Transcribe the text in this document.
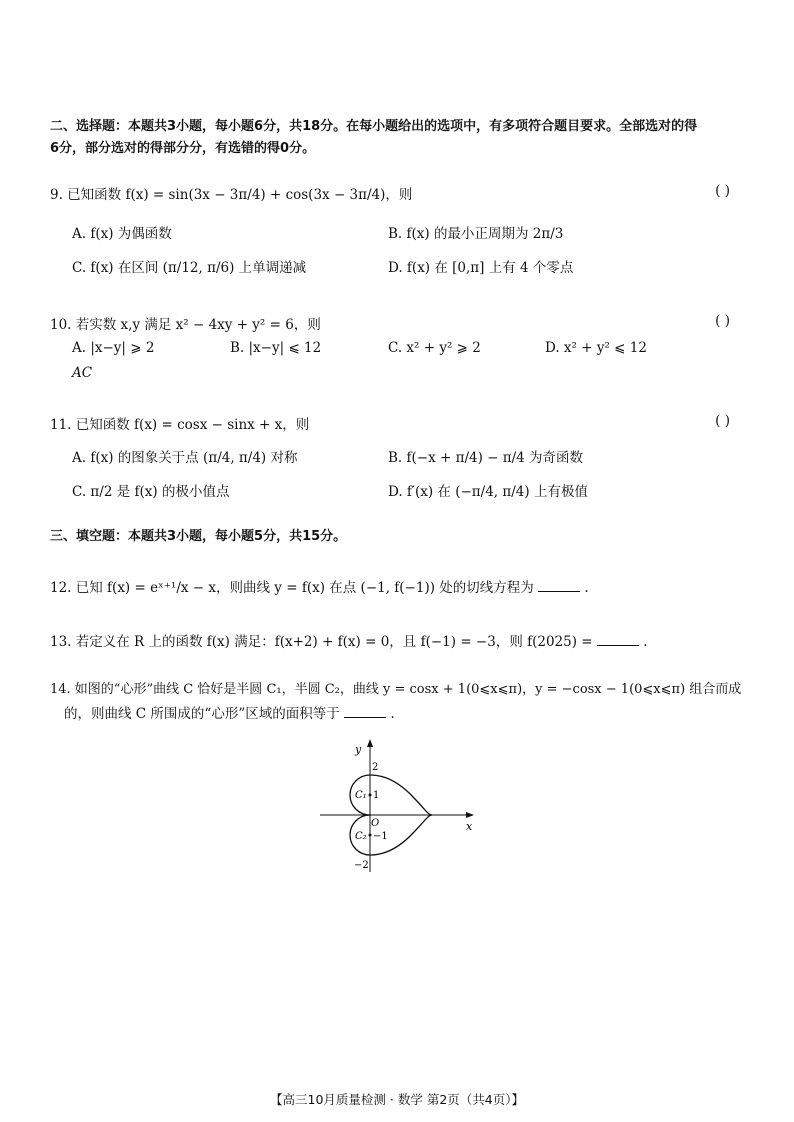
二、选择题：本题共3小题，每小题6分，共18分。在每小题给出的选项中，有多项符合题目要求。全部选对的得
6分，部分选对的得部分分，有选错的得0分。
9. 已知函数 f(x) = sin(3x − 3π/4) + cos(3x − 3π/4)，则	( )
A. f(x) 为偶函数	B. f(x) 的最小正周期为 2π/3
C. f(x) 在区间 (π/12, π/6) 上单调递减	D. f(x) 在 [0,π] 上有 4 个零点
10. 若实数 x,y 满足 x² − 4xy + y² = 6，则	( )
A. |x−y| ⩾ 2	B. |x−y| ⩽ 12	C. x² + y² ⩾ 2	D. x² + y² ⩽ 12
AC
11. 已知函数 f(x) = cosx − sinx + x，则	( )
A. f(x) 的图象关于点 (π/4, π/4) 对称	B. f(−x + π/4) − π/4 为奇函数
C. π/2 是 f(x) 的极小值点	D. f′(x) 在 (−π/4, π/4) 上有极值
三、填空题：本题共3小题，每小题5分，共15分。
12. 已知 f(x) = eˣ⁺¹/x − x，则曲线 y = f(x) 在点 (−1, f(−1)) 处的切线方程为	.
13. 若定义在 R 上的函数 f(x) 满足：f(x+2) + f(x) = 0，且 f(−1) = −3，则 f(2025) =	.
14. 如图的“心形”曲线 C 恰好是半圆 C₁，半圆 C₂，曲线 y = cosx + 1(0⩽x⩽π)，y = −cosx − 1(0⩽x⩽π) 组合而成
的，则曲线 C 所围成的“心形”区域的面积等于	.
y
x
O
2
1
−1
−2
C₁
C₂
【高三10月质量检测 · 数学 第2页（共4页）】
